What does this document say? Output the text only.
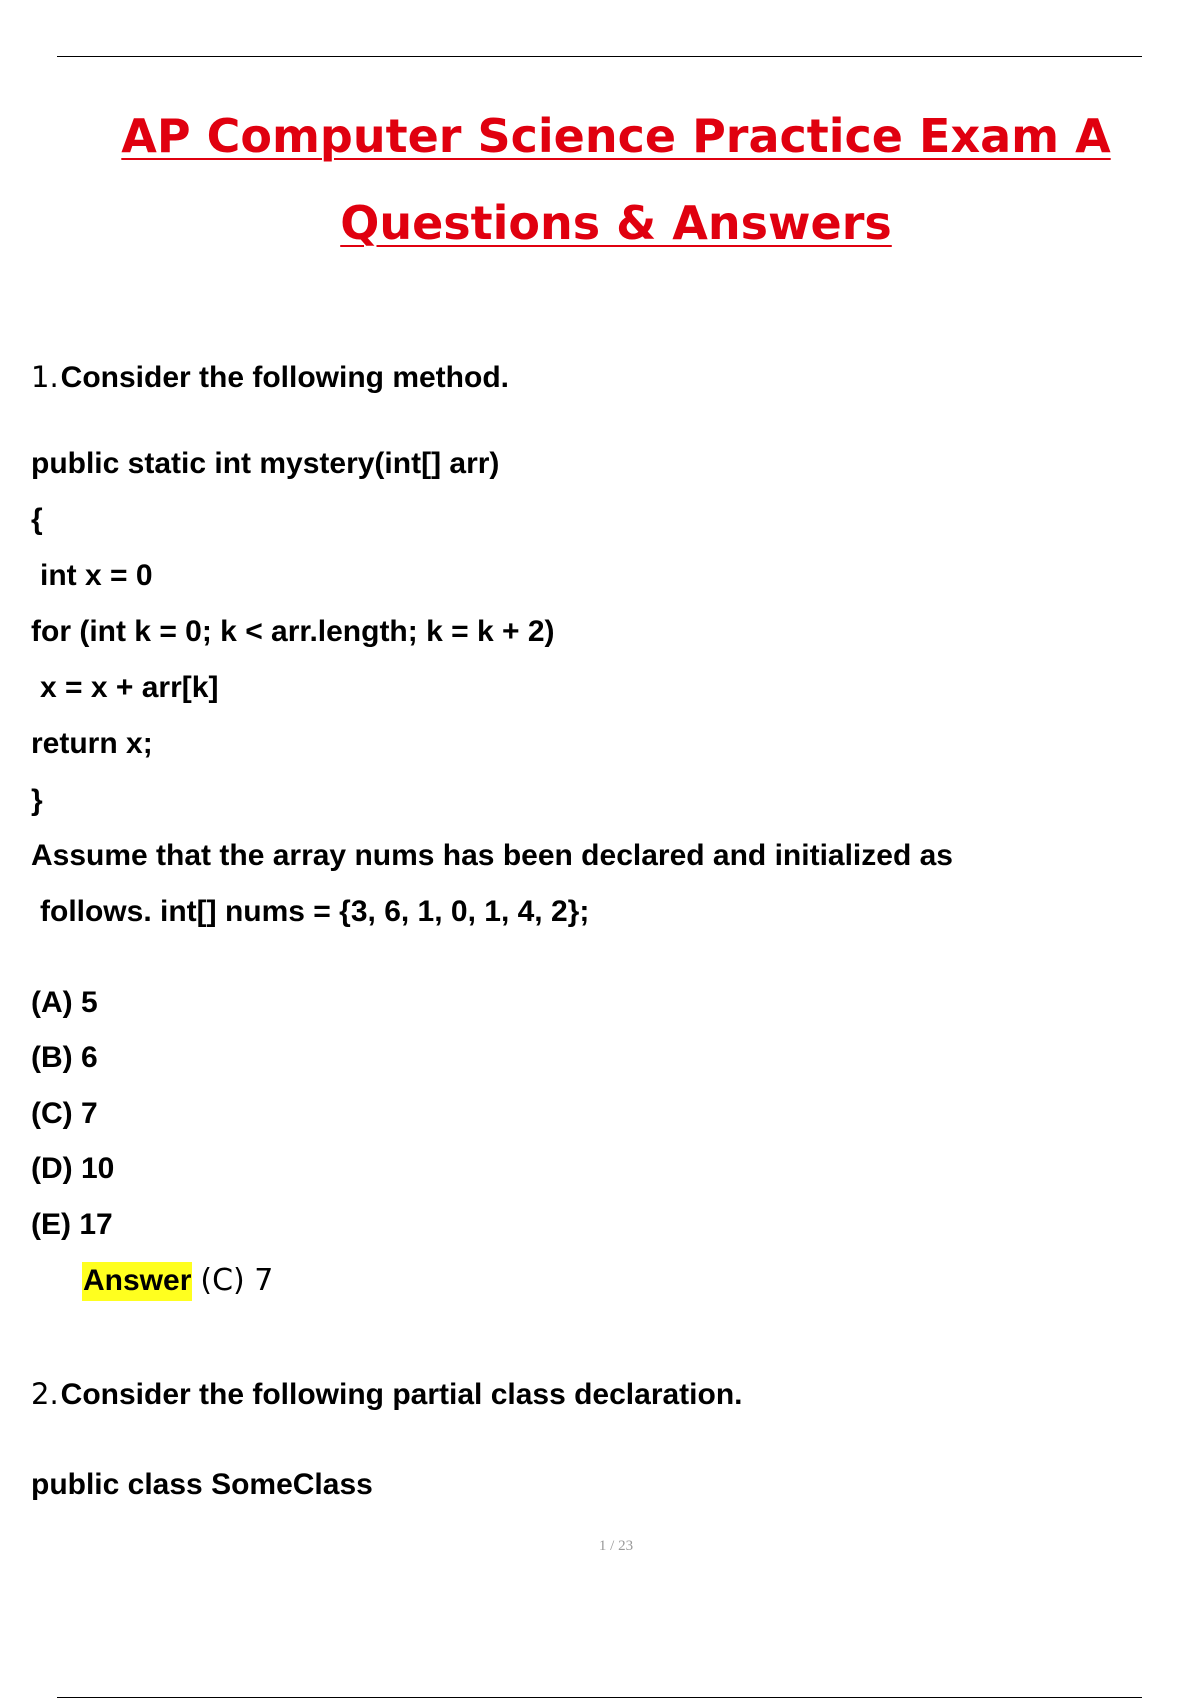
AP Computer Science Practice Exam A
Questions & Answers
1.Consider the following method.
public static int mystery(int[] arr)
{
int x = 0
for (int k = 0; k < arr.length; k = k + 2)
x = x + arr[k]
return x;
}
Assume that the array nums has been declared and initialized as
follows. int[] nums = {3, 6, 1, 0, 1, 4, 2};
(A) 5
(B) 6
(C) 7
(D) 10
(E) 17
Answer (C) 7
2.Consider the following partial class declaration.
public class SomeClass
1 / 23
